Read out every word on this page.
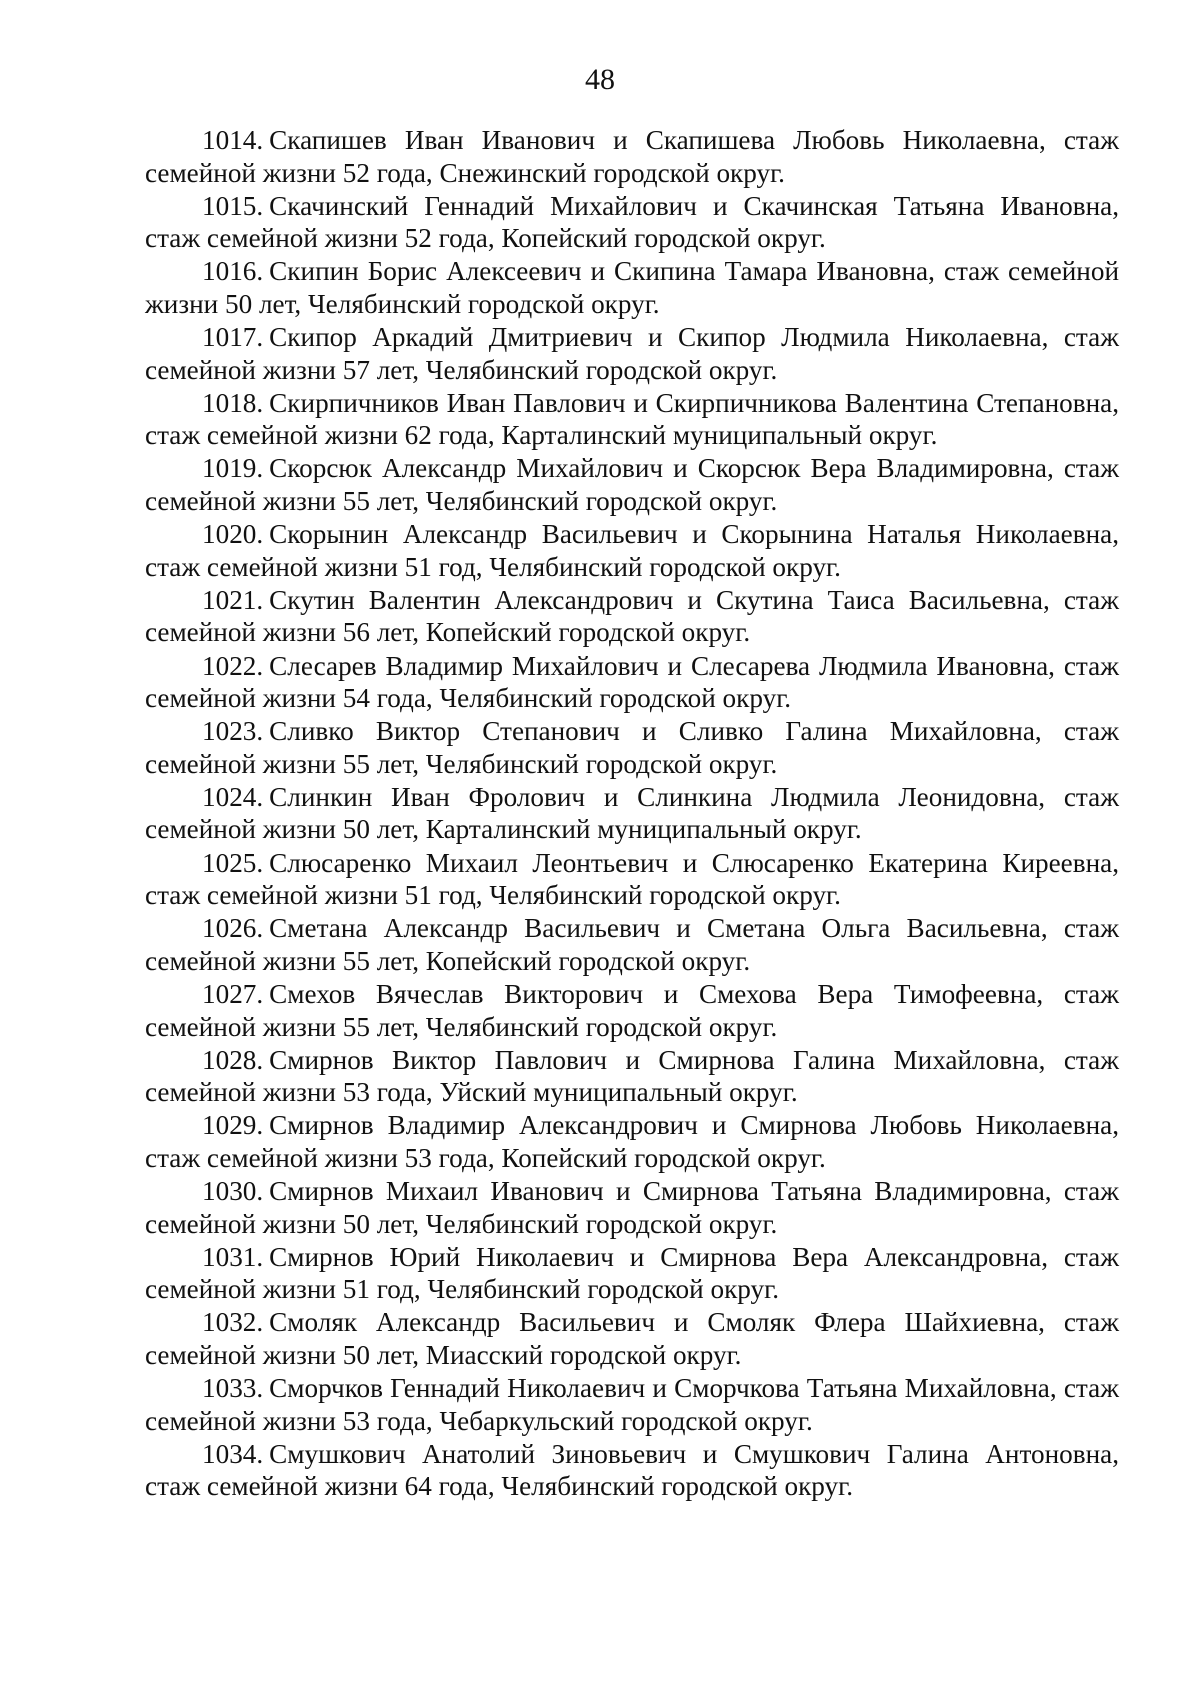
48

1014. Скапишев Иван Иванович и Скапишева Любовь Николаевна, стаж семейной жизни 52 года, Снежинский городской округ.

1015. Скачинский Геннадий Михайлович и Скачинская Татьяна Ивановна, стаж семейной жизни 52 года, Копейский городской округ.

1016. Скипин Борис Алексеевич и Скипина Тамара Ивановна, стаж семейной жизни 50 лет, Челябинский городской округ.

1017. Скипор Аркадий Дмитриевич и Скипор Людмила Николаевна, стаж семейной жизни 57 лет, Челябинский городской округ.

1018. Скирпичников Иван Павлович и Скирпичникова Валентина Степановна, стаж семейной жизни 62 года, Карталинский муниципальный округ.

1019. Скорсюк Александр Михайлович и Скорсюк Вера Владимировна, стаж семейной жизни 55 лет, Челябинский городской округ.

1020. Скорынин Александр Васильевич и Скорынина Наталья Николаевна, стаж семейной жизни 51 год, Челябинский городской округ.

1021. Скутин Валентин Александрович и Скутина Таиса Васильевна, стаж семейной жизни 56 лет, Копейский городской округ.

1022. Слесарев Владимир Михайлович и Слесарева Людмила Ивановна, стаж семейной жизни 54 года, Челябинский городской округ.

1023. Сливко Виктор Степанович и Сливко Галина Михайловна, стаж семейной жизни 55 лет, Челябинский городской округ.

1024. Слинкин Иван Фролович и Слинкина Людмила Леонидовна, стаж семейной жизни 50 лет, Карталинский муниципальный округ.

1025. Слюсаренко Михаил Леонтьевич и Слюсаренко Екатерина Киреевна, стаж семейной жизни 51 год, Челябинский городской округ.

1026. Сметана Александр Васильевич и Сметана Ольга Васильевна, стаж семейной жизни 55 лет, Копейский городской округ.

1027. Смехов Вячеслав Викторович и Смехова Вера Тимофеевна, стаж семейной жизни 55 лет, Челябинский городской округ.

1028. Смирнов Виктор Павлович и Смирнова Галина Михайловна, стаж семейной жизни 53 года, Уйский муниципальный округ.

1029. Смирнов Владимир Александрович и Смирнова Любовь Николаевна, стаж семейной жизни 53 года, Копейский городской округ.

1030. Смирнов Михаил Иванович и Смирнова Татьяна Владимировна, стаж семейной жизни 50 лет, Челябинский городской округ.

1031. Смирнов Юрий Николаевич и Смирнова Вера Александровна, стаж семейной жизни 51 год, Челябинский городской округ.

1032. Смоляк Александр Васильевич и Смоляк Флера Шайхиевна, стаж семейной жизни 50 лет, Миасский городской округ.

1033. Сморчков Геннадий Николаевич и Сморчкова Татьяна Михайловна, стаж семейной жизни 53 года, Чебаркульский городской округ.

1034. Смушкович Анатолий Зиновьевич и Смушкович Галина Антоновна, стаж семейной жизни 64 года, Челябинский городской округ.
